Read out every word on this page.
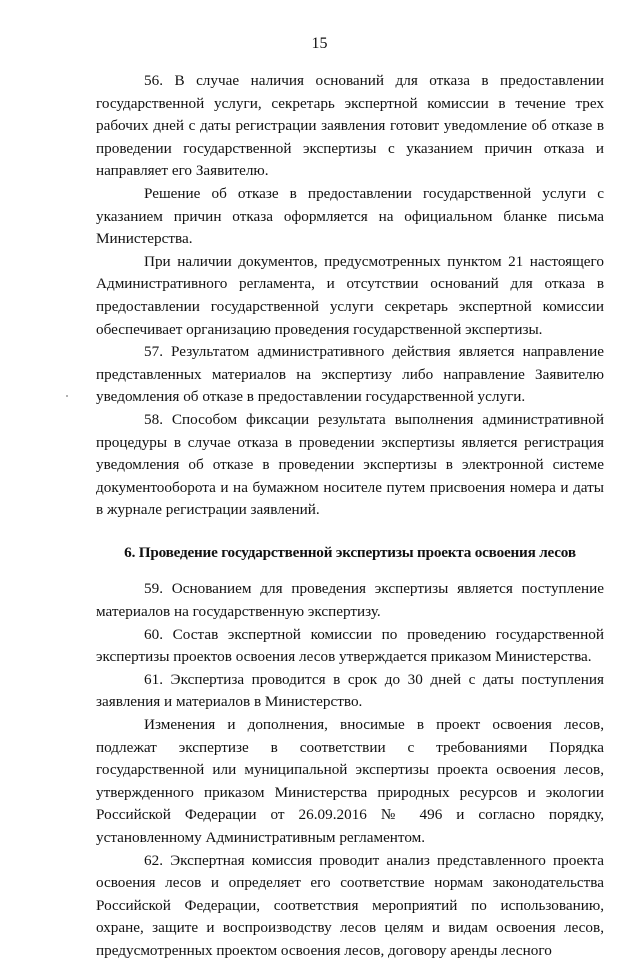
15

56. В случае наличия оснований для отказа в предоставлении государственной услуги, секретарь экспертной комиссии в течение трех рабочих дней с даты регистрации заявления готовит уведомление об отказе в проведении государственной экспертизы с указанием причин отказа и направляет его Заявителю.

Решение об отказе в предоставлении государственной услуги с указанием причин отказа оформляется на официальном бланке письма Министерства.

При наличии документов, предусмотренных пунктом 21 настоящего Административного регламента, и отсутствии оснований для отказа в предоставлении государственной услуги секретарь экспертной комиссии обеспечивает организацию проведения государственной экспертизы.

57. Результатом административного действия является направление представленных материалов на экспертизу либо направление Заявителю уведомления об отказе в предоставлении государственной услуги.

58. Способом фиксации результата выполнения административной процедуры в случае отказа в проведении экспертизы является регистрация уведомления об отказе в проведении экспертизы в электронной системе документооборота и на бумажном носителе путем присвоения номера и даты в журнале регистрации заявлений.

6. Проведение государственной экспертизы проекта освоения лесов

59. Основанием для проведения экспертизы является поступление материалов на государственную экспертизу.

60. Состав экспертной комиссии по проведению государственной экспертизы проектов освоения лесов утверждается приказом Министерства.

61. Экспертиза проводится в срок до 30 дней с даты поступления заявления и материалов в Министерство.

Изменения и дополнения, вносимые в проект освоения лесов, подлежат экспертизе в соответствии с требованиями Порядка государственной или муниципальной экспертизы проекта освоения лесов, утвержденного приказом Министерства природных ресурсов и экологии Российской Федерации от 26.09.2016 № 496 и согласно порядку, установленному Административным регламентом.

62. Экспертная комиссия проводит анализ представленного проекта освоения лесов и определяет его соответствие нормам законодательства Российской Федерации, соответствия мероприятий по использованию, охране, защите и воспроизводству лесов целям и видам освоения лесов, предусмотренных проектом освоения лесов, договору аренды лесного
